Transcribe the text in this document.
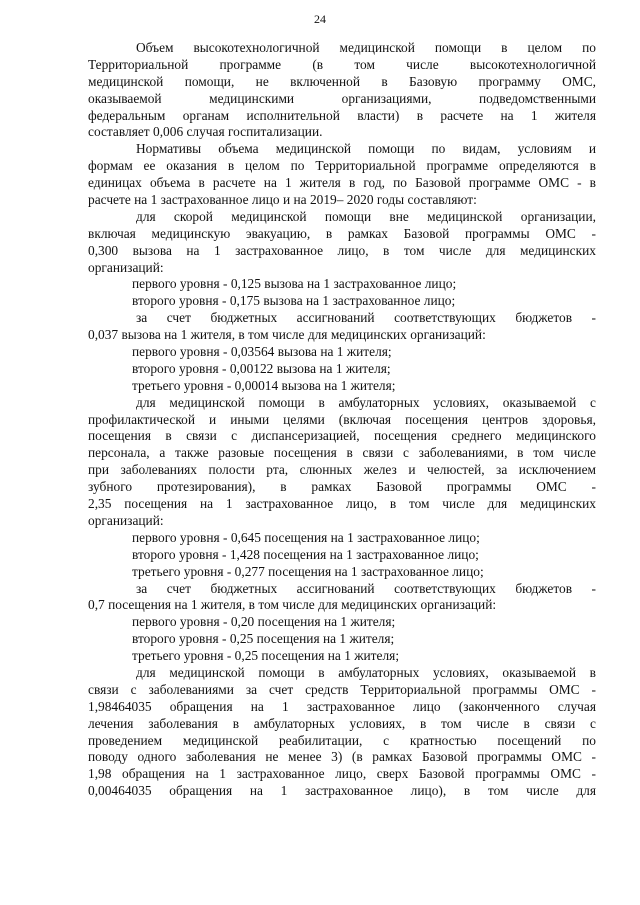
24
Объем высокотехнологичной медицинской помощи в целом по
Территориальной программе (в том числе высокотехнологичной
медицинской помощи, не включенной в Базовую программу ОМС,
оказываемой медицинскими организациями, подведомственными
федеральным органам исполнительной власти) в расчете на 1 жителя
составляет 0,006 случая госпитализации.
Нормативы объема медицинской помощи по видам, условиям и
формам ее оказания в целом по Территориальной программе определяются в
единицах объема в расчете на 1 жителя в год, по Базовой программе ОМС - в
расчете на 1 застрахованное лицо и на 2019– 2020 годы составляют:
для скорой медицинской помощи вне медицинской организации,
включая медицинскую эвакуацию, в рамках Базовой программы ОМС -
0,300 вызова на 1 застрахованное лицо, в том числе для медицинских
организаций:
первого уровня - 0,125 вызова на 1 застрахованное лицо;
второго уровня - 0,175 вызова на 1 застрахованное лицо;
за счет бюджетных ассигнований соответствующих бюджетов -
0,037 вызова на 1 жителя, в том числе для медицинских организаций:
первого уровня - 0,03564 вызова на 1 жителя;
второго уровня - 0,00122 вызова на 1 жителя;
третьего уровня - 0,00014 вызова на 1 жителя;
для медицинской помощи в амбулаторных условиях, оказываемой с
профилактической и иными целями (включая посещения центров здоровья,
посещения в связи с диспансеризацией, посещения среднего медицинского
персонала, а также разовые посещения в связи с заболеваниями, в том числе
при заболеваниях полости рта, слюнных желез и челюстей, за исключением
зубного протезирования), в рамках Базовой программы ОМС -
2,35 посещения на 1 застрахованное лицо, в том числе для медицинских
организаций:
первого уровня - 0,645 посещения на 1 застрахованное лицо;
второго уровня - 1,428 посещения на 1 застрахованное лицо;
третьего уровня - 0,277 посещения на 1 застрахованное лицо;
за счет бюджетных ассигнований соответствующих бюджетов -
0,7 посещения на 1 жителя, в том числе для медицинских организаций:
первого уровня - 0,20 посещения на 1 жителя;
второго уровня - 0,25 посещения на 1 жителя;
третьего уровня - 0,25 посещения на 1 жителя;
для медицинской помощи в амбулаторных условиях, оказываемой в
связи с заболеваниями за счет средств Территориальной программы ОМС -
1,98464035 обращения на 1 застрахованное лицо (законченного случая
лечения заболевания в амбулаторных условиях, в том числе в связи с
проведением медицинской реабилитации, с кратностью посещений по
поводу одного заболевания не менее 3) (в рамках Базовой программы ОМС -
1,98 обращения на 1 застрахованное лицо, сверх Базовой программы ОМС -
0,00464035 обращения на 1 застрахованное лицо), в том числе для
